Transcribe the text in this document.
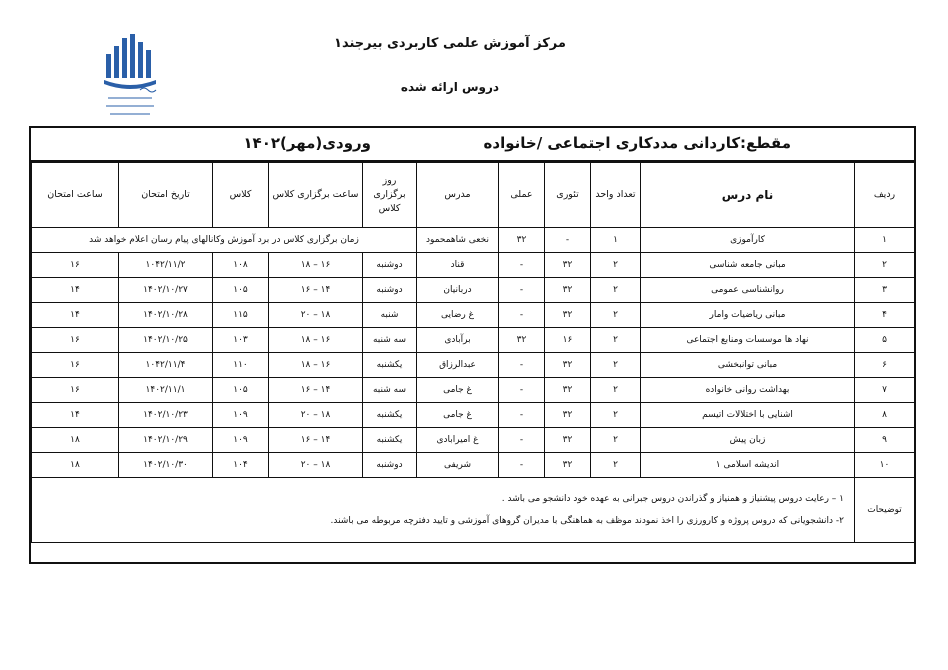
مرکز آموزش علمی کاربردی بیرجند۱
دروس ارائه شده
مقطع:کاردانی مددکاری اجتماعی /خانواده
ورودی(مهر)۱۴۰۲
ردیف	نام درس	تعداد واحد	تئوری	عملی	مدرس	روز برگزاری کلاس	ساعت برگزاری کلاس	کلاس	تاریخ امتحان	ساعت امتحان
۱	کارآموزی	۱	-	۳۲	نخعی شاهمحمود	زمان برگزاری کلاس در برد آموزش وکانالهای پیام رسان اعلام خواهد شد				
۲	مبانی جامعه شناسی	۲	۳۲	-	قناد	دوشنبه	۱۶ – ۱۸	۱۰۸	۱۰۴۲/۱۱/۲	۱۶
۳	روانشناسی عمومی	۲	۳۲	-	دربانیان	دوشنبه	۱۴ – ۱۶	۱۰۵	۱۴۰۲/۱۰/۲۷	۱۴
۴	مبانی ریاضیات وامار	۲	۳۲	-	غ رضایی	شنبه	۱۸ – ۲۰	۱۱۵	۱۴۰۲/۱۰/۲۸	۱۴
۵	نهاد ها موسسات ومنابع اجتماعی	۲	۱۶	۳۲	برآبادی	سه شنبه	۱۶ – ۱۸	۱۰۳	۱۴۰۲/۱۰/۲۵	۱۶
۶	مبانی توانبخشی	۲	۳۲	-	عبدالرزاق	یکشنبه	۱۶ – ۱۸	۱۱۰	۱۰۴۲/۱۱/۴	۱۶
۷	بهداشت روانی خانواده	۲	۳۲	-	غ جامی	سه شنبه	۱۴ – ۱۶	۱۰۵	۱۴۰۲/۱۱/۱	۱۶
۸	اشنایی با اختلالات اتیسم	۲	۳۲	-	غ جامی	یکشنبه	۱۸ – ۲۰	۱۰۹	۱۴۰۲/۱۰/۲۳	۱۴
۹	زبان پیش	۲	۳۲	-	غ امیرابادی	یکشنبه	۱۴ – ۱۶	۱۰۹	۱۴۰۲/۱۰/۲۹	۱۸
۱۰	اندیشه اسلامی ۱	۲	۳۲	-	شریفی	دوشنبه	۱۸ – ۲۰	۱۰۴	۱۴۰۲/۱۰/۳۰	۱۸
توضیحات	۱ – رعایت دروس پیشنیاز و همنیاز و گذراندن دروس جبرانی به عهده خود دانشجو می باشد .
۲- دانشجویانی که دروس پروژه و کارورزی را اخذ نمودند موظف به هماهنگی با مدیران گروهای آموزشی و تایید دفترچه مربوطه می باشند.									
